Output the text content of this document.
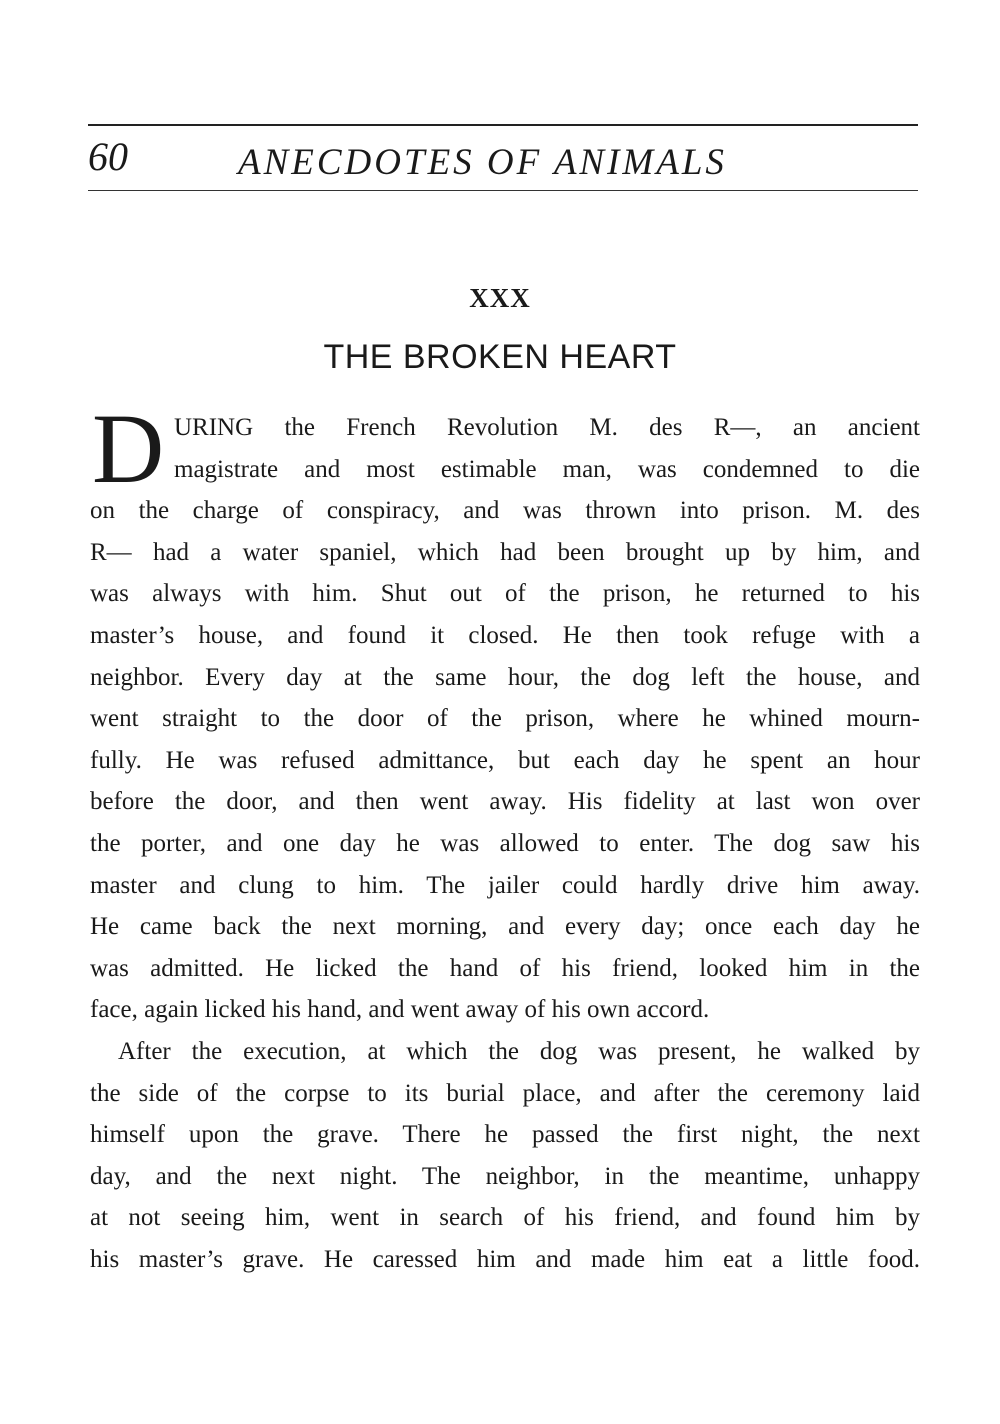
60	ANECDOTES OF ANIMALS
XXX
THE BROKEN HEART
D URING the French Revolution M. des R—, an ancient
magistrate and most estimable man, was condemned to die
on the charge of conspiracy, and was thrown into prison. M. des
R— had a water spaniel, which had been brought up by him, and
was always with him. Shut out of the prison, he returned to his
master’s house, and found it closed. He then took refuge with a
neighbor. Every day at the same hour, the dog left the house, and
went straight to the door of the prison, where he whined mourn-
fully. He was refused admittance, but each day he spent an hour
before the door, and then went away. His fidelity at last won over
the porter, and one day he was allowed to enter. The dog saw his
master and clung to him. The jailer could hardly drive him away.
He came back the next morning, and every day; once each day he
was admitted. He licked the hand of his friend, looked him in the
face, again licked his hand, and went away of his own accord.
After the execution, at which the dog was present, he walked by
the side of the corpse to its burial place, and after the ceremony laid
himself upon the grave. There he passed the first night, the next
day, and the next night. The neighbor, in the meantime, unhappy
at not seeing him, went in search of his friend, and found him by
his master’s grave. He caressed him and made him eat a little food.
